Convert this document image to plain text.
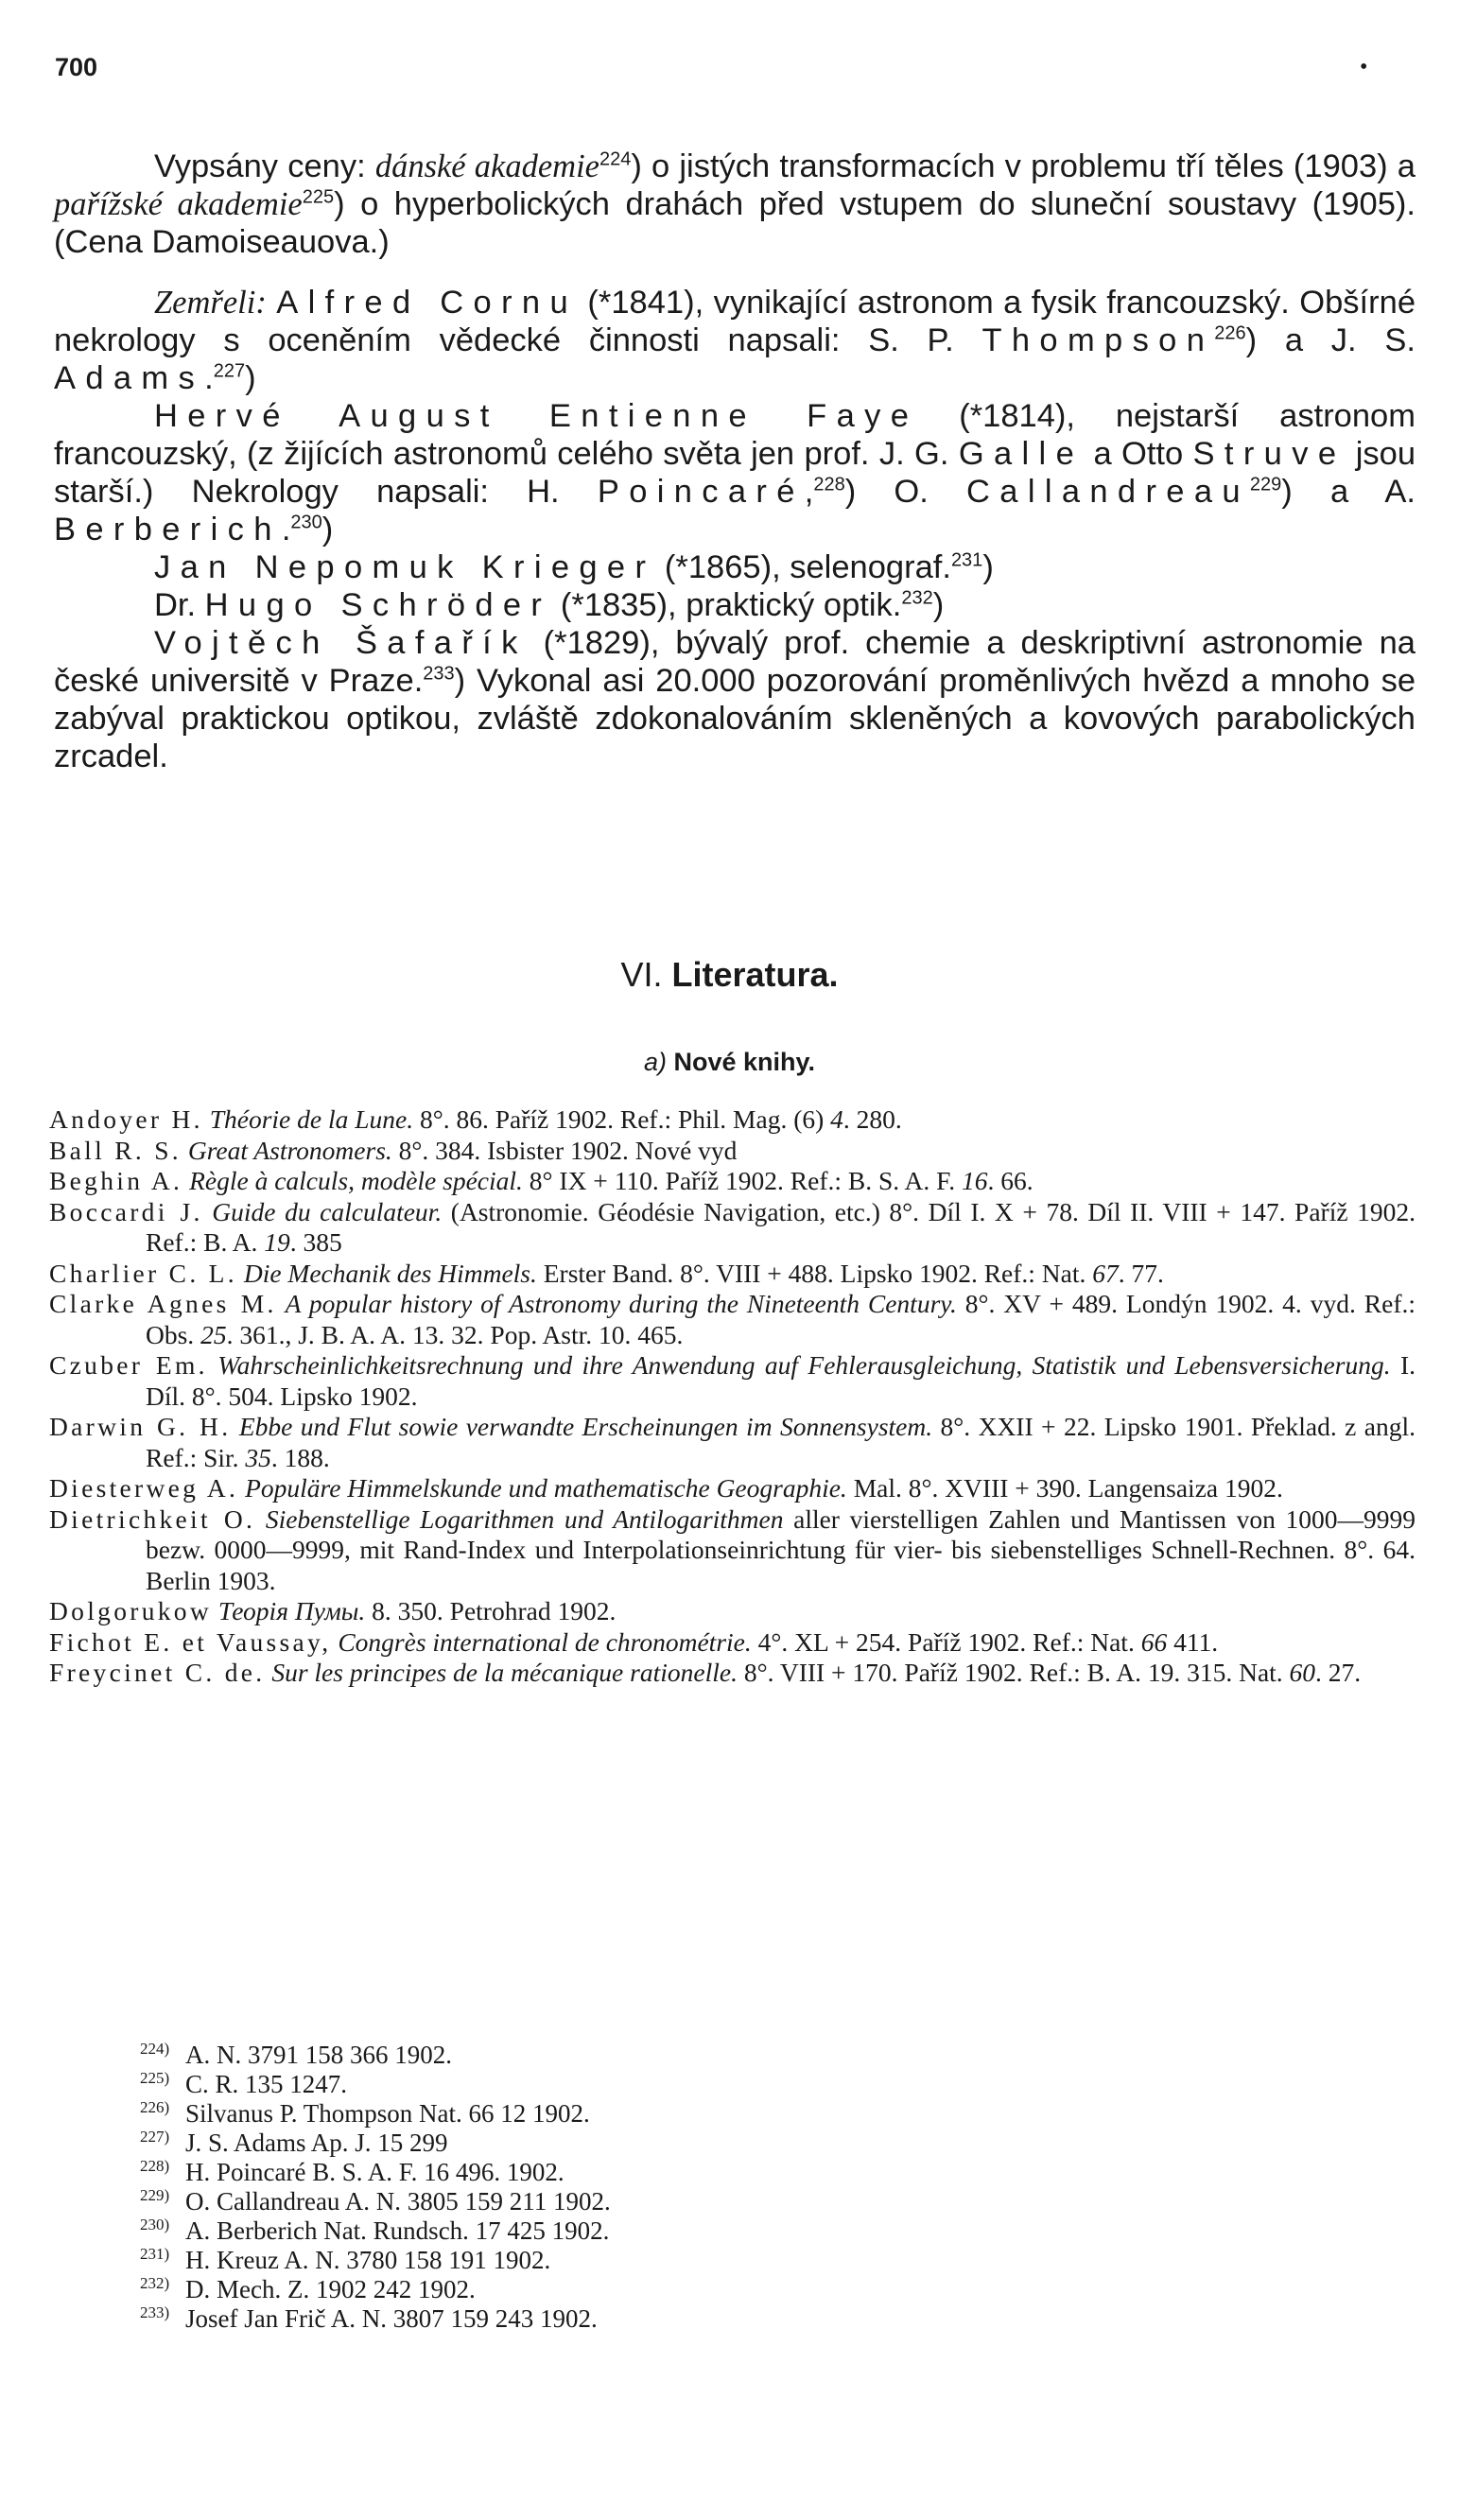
700	•

Vypsány ceny: dánské akademie$^{224}$) o jistých transformacích v problemu tří těles (1903) a pařížské akademie$^{225}$) o hyperbolických drahách před vstupem do sluneční soustavy (1905). (Cena Damoiseauova.)

Zemřeli: Alfred Cornu (*1841), vynikající astronom a fysik francouzský. Obšírné nekrology s oceněním vědecké činnosti napsali: S. P. Thompson$^{226}$) a J. S. Adams.$^{227}$)

Hervé August Entienne Faye (*1814), nejstarší astronom francouzský, (z žijících astronomů celého světa jen prof. J. G. Galle a Otto Struve jsou starší.) Nekrology napsali: H. Poincaré,$^{228}$) O. Callandreau$^{229}$) a A. Berberich.$^{230}$)

Jan Nepomuk Krieger (*1865), selenograf.$^{231}$)

Dr. Hugo Schröder (*1835), praktický optik.$^{232}$)

Vojtěch Šafařík (*1829), bývalý prof. chemie a deskriptivní astronomie na české universitě v Praze.$^{233}$) Vykonal asi 20.000 pozorování proměnlivých hvězd a mnoho se zabýval praktickou optikou, zvláště zdokonalováním skleněných a kovových parabolických zrcadel.

VI. Literatura.
a) Nové knihy.

Andoyer H. Théorie de la Lune. 8°. 86. Paříž 1902. Ref.: Phil. Mag. (6) 4. 280.

Ball R. S. Great Astronomers. 8°. 384. Isbister 1902. Nové vyd

Beghin A. Règle à calculs, modèle spécial. 8° IX + 110. Paříž 1902. Ref.: B. S. A. F. 16. 66.

Boccardi J. Guide du calculateur. (Astronomie. Géodésie Navigation, etc.) 8°. Díl I. X + 78. Díl II. VIII + 147. Paříž 1902. Ref.: B. A. 19. 385

Charlier C. L. Die Mechanik des Himmels. Erster Band. 8°. VIII + 488. Lipsko 1902. Ref.: Nat. 67. 77.

Clarke Agnes M. A popular history of Astronomy during the Nineteenth Century. 8°. XV + 489. Londýn 1902. 4. vyd. Ref.: Obs. 25. 361., J. B. A. A. 13. 32. Pop. Astr. 10. 465.

Czuber Em. Wahrscheinlichkeitsrechnung und ihre Anwendung auf Fehlerausgleichung, Statistik und Lebensversicherung. I. Díl. 8°. 504. Lipsko 1902.

Darwin G. H. Ebbe und Flut sowie verwandte Erscheinungen im Sonnensystem. 8°. XXII + 22. Lipsko 1901. Překlad. z angl. Ref.: Sir. 35. 188.

Diesterweg A. Populäre Himmelskunde und mathematische Geographie. Mal. 8°. XVIII + 390. Langensaiza 1902.

Dietrichkeit O. Siebenstellige Logarithmen und Antilogarithmen aller vierstelligen Zahlen und Mantissen von 1000—9999 bezw. 0000—9999, mit Rand-Index und Interpolationseinrichtung für vier- bis siebenstelliges Schnell-Rechnen. 8°. 64. Berlin 1903.

Dolgorukow Теорія Пумы. 8. 350. Petrohrad 1902.

Fichot E. et Vaussay, Congrès international de chronométrie. 4°. XL + 254. Paříž 1902. Ref.: Nat. 66 411.

Freycinet C. de. Sur les principes de la mécanique rationelle. 8°. VIII + 170. Paříž 1902. Ref.: B. A. 19. 315. Nat. 60. 27.

224) A. N. 3791 158 366 1902.

225) C. R. 135 1247.

226) Silvanus P. Thompson Nat. 66 12 1902.

227) J. S. Adams Ap. J. 15 299

228) H. Poincaré B. S. A. F. 16 496. 1902.

229) O. Callandreau A. N. 3805 159 211 1902.

230) A. Berberich Nat. Rundsch. 17 425 1902.

231) H. Kreuz A. N. 3780 158 191 1902.

232) D. Mech. Z. 1902 242 1902.

233) Josef Jan Frič A. N. 3807 159 243 1902.
